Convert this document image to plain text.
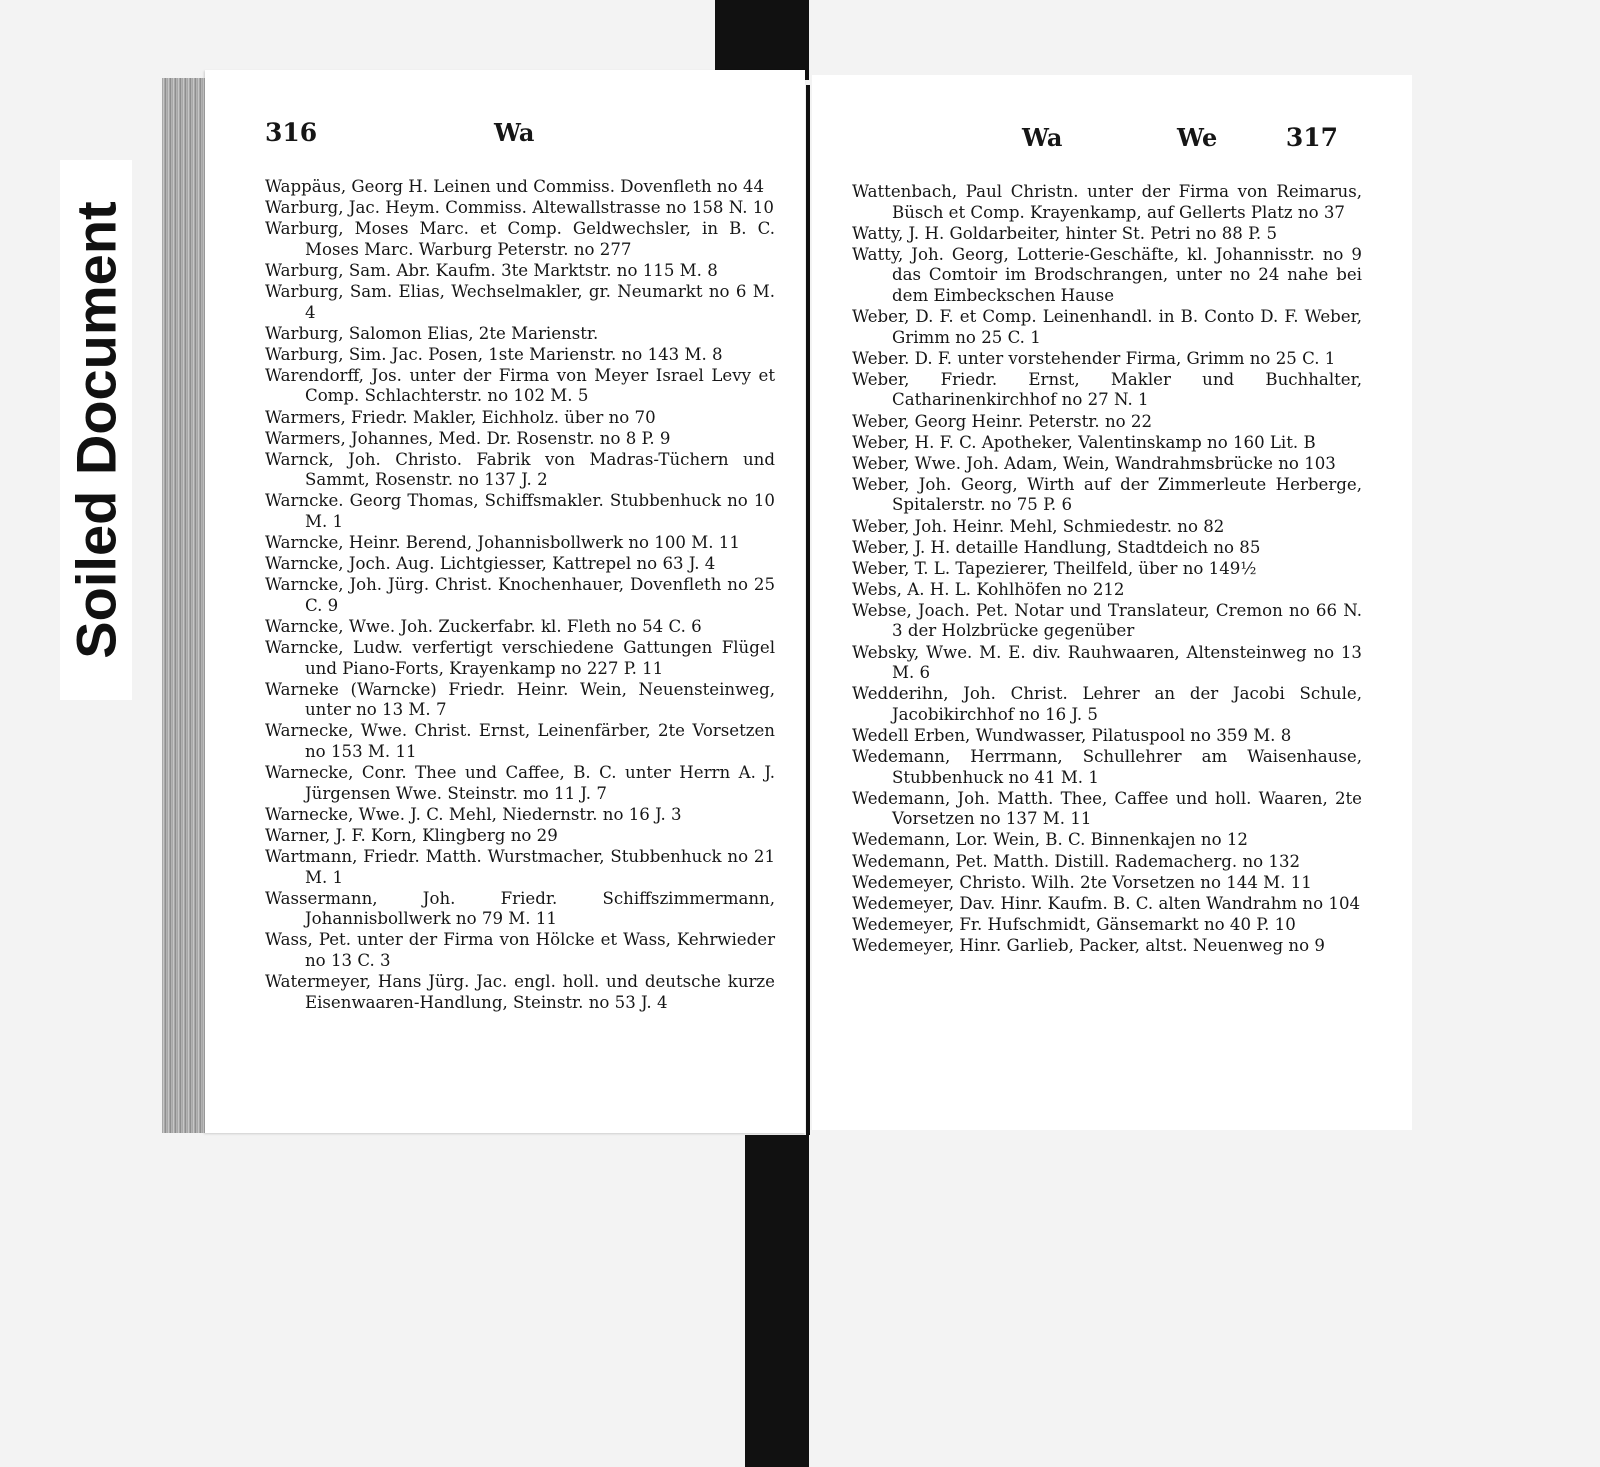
Soiled Document
316	Wa
Wappäus, Georg H. Leinen und Commiss. Dovenfleth no 44
Warburg, Jac. Heym. Commiss. Altewallstrasse no 158 N. 10
Warburg, Moses Marc. et Comp. Geldwechsler, in B. C. Moses Marc. Warburg Peterstr. no 277
Warburg, Sam. Abr. Kaufm. 3te Marktstr. no 115 M. 8
Warburg, Sam. Elias, Wechselmakler, gr. Neumarkt no 6 M. 4
Warburg, Salomon Elias, 2te Marienstr.
Warburg, Sim. Jac. Posen, 1ste Marienstr. no 143 M. 8
Warendorff, Jos. unter der Firma von Meyer Israel Levy et Comp. Schlachterstr. no 102 M. 5
Warmers, Friedr. Makler, Eichholz. über no 70
Warmers, Johannes, Med. Dr. Rosenstr. no 8 P. 9
Warnck, Joh. Christo. Fabrik von Madras-Tüchern und Sammt, Rosenstr. no 137 J. 2
Warncke. Georg Thomas, Schiffsmakler. Stubbenhuck no 10 M. 1
Warncke, Heinr. Berend, Johannisbollwerk no 100 M. 11
Warncke, Joch. Aug. Lichtgiesser, Kattrepel no 63 J. 4
Warncke, Joh. Jürg. Christ. Knochenhauer, Dovenfleth no 25 C. 9
Warncke, Wwe. Joh. Zuckerfabr. kl. Fleth no 54 C. 6
Warncke, Ludw. verfertigt verschiedene Gattungen Flügel und Piano-Forts, Krayenkamp no 227 P. 11
Warneke (Warncke) Friedr. Heinr. Wein, Neuensteinweg, unter no 13 M. 7
Warnecke, Wwe. Christ. Ernst, Leinenfärber, 2te Vorsetzen no 153 M. 11
Warnecke, Conr. Thee und Caffee, B. C. unter Herrn A. J. Jürgensen Wwe. Steinstr. mo 11 J. 7
Warnecke, Wwe. J. C. Mehl, Niedernstr. no 16 J. 3
Warner, J. F. Korn, Klingberg no 29
Wartmann, Friedr. Matth. Wurstmacher, Stubbenhuck no 21 M. 1
Wassermann, Joh. Friedr. Schiffszimmermann, Johannisbollwerk no 79 M. 11
Wass, Pet. unter der Firma von Hölcke et Wass, Kehrwieder no 13 C. 3
Watermeyer, Hans Jürg. Jac. engl. holl. und deutsche kurze Eisenwaaren-Handlung, Steinstr. no 53 J. 4
Wa	We	317
Wattenbach, Paul Christn. unter der Firma von Reimarus, Büsch et Comp. Krayenkamp, auf Gellerts Platz no 37
Watty, J. H. Goldarbeiter, hinter St. Petri no 88 P. 5
Watty, Joh. Georg, Lotterie-Geschäfte, kl. Johannisstr. no 9 das Comtoir im Brodschrangen, unter no 24 nahe bei dem Eimbeckschen Hause
Weber, D. F. et Comp. Leinenhandl. in B. Conto D. F. Weber, Grimm no 25 C. 1
Weber. D. F. unter vorstehender Firma, Grimm no 25 C. 1
Weber, Friedr. Ernst, Makler und Buchhalter, Catharinenkirchhof no 27 N. 1
Weber, Georg Heinr. Peterstr. no 22
Weber, H. F. C. Apotheker, Valentinskamp no 160 Lit. B
Weber, Wwe. Joh. Adam, Wein, Wandrahmsbrücke no 103
Weber, Joh. Georg, Wirth auf der Zimmerleute Herberge, Spitalerstr. no 75 P. 6
Weber, Joh. Heinr. Mehl, Schmiedestr. no 82
Weber, J. H. detaille Handlung, Stadtdeich no 85
Weber, T. L. Tapezierer, Theilfeld, über no 149½
Webs, A. H. L. Kohlhöfen no 212
Webse, Joach. Pet. Notar und Translateur, Cremon no 66 N. 3 der Holzbrücke gegenüber
Websky, Wwe. M. E. div. Rauhwaaren, Altensteinweg no 13 M. 6
Wedderihn, Joh. Christ. Lehrer an der Jacobi Schule, Jacobikirchhof no 16 J. 5
Wedell Erben, Wundwasser, Pilatuspool no 359 M. 8
Wedemann, Herrmann, Schullehrer am Waisenhause, Stubbenhuck no 41 M. 1
Wedemann, Joh. Matth. Thee, Caffee und holl. Waaren, 2te Vorsetzen no 137 M. 11
Wedemann, Lor. Wein, B. C. Binnenkajen no 12
Wedemann, Pet. Matth. Distill. Rademacherg. no 132
Wedemeyer, Christo. Wilh. 2te Vorsetzen no 144 M. 11
Wedemeyer, Dav. Hinr. Kaufm. B. C. alten Wandrahm no 104
Wedemeyer, Fr. Hufschmidt, Gänsemarkt no 40 P. 10
Wedemeyer, Hinr. Garlieb, Packer, altst. Neuenweg no 9
